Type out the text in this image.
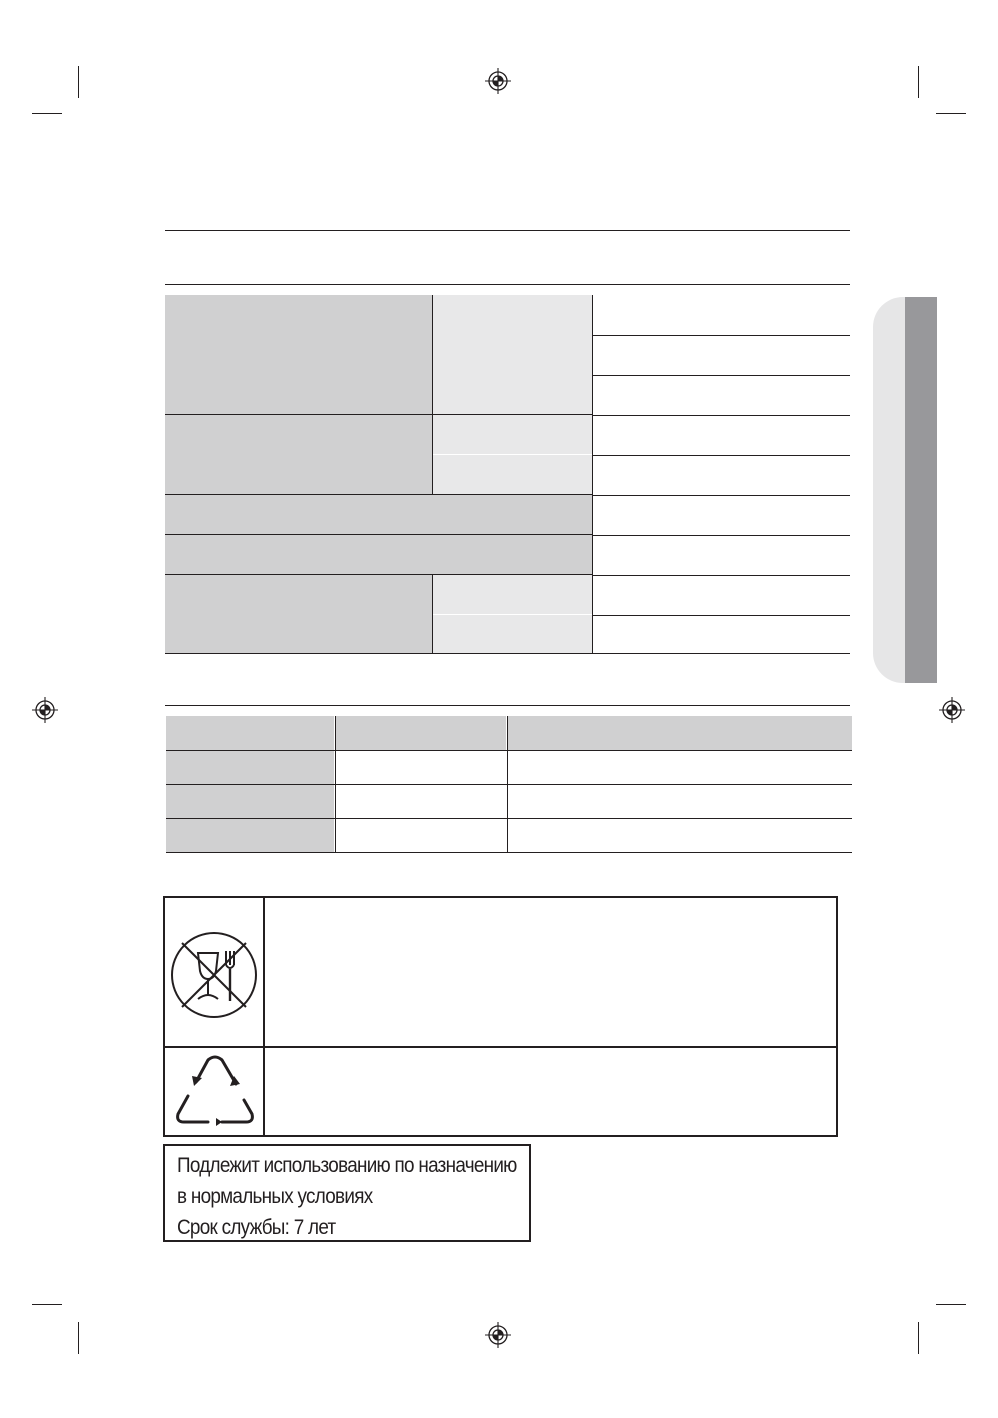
Подлежит использованию по назначению
в нормальных условиях
Срок службы: 7 лет
